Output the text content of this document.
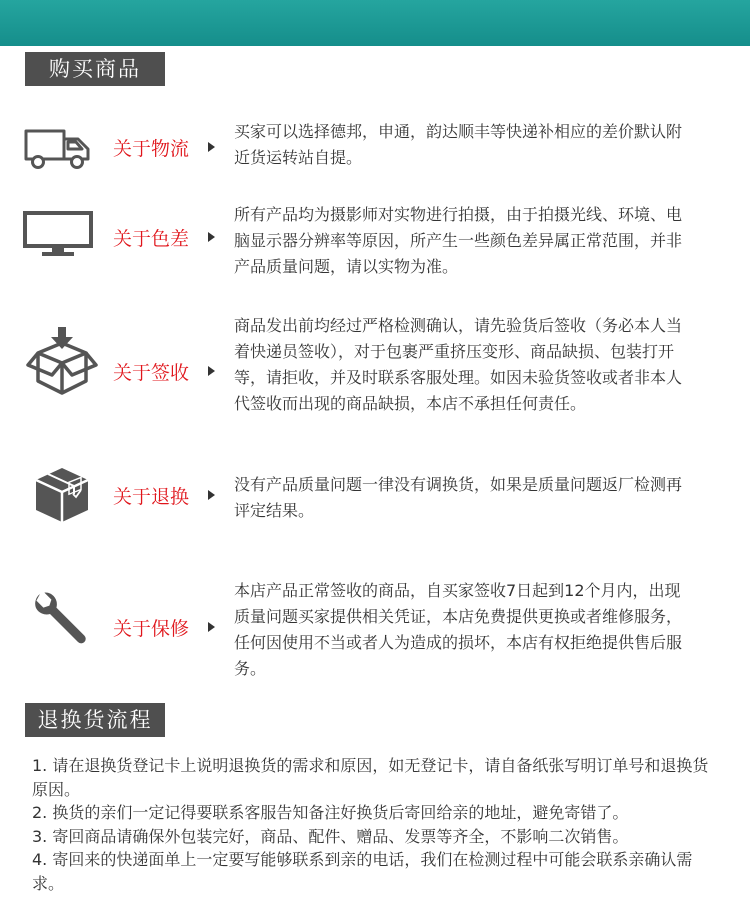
购买商品
关于物流
买家可以选择德邦，申通，韵达顺丰等快递补相应的差价默认附近货运转站自提。
关于色差
所有产品均为摄影师对实物进行拍摄，由于拍摄光线、环境、电脑显示器分辨率等原因，所产生一些颜色差异属正常范围，并非产品质量问题，请以实物为准。
关于签收
商品发出前均经过严格检测确认，请先验货后签收（务必本人当着快递员签收），对于包裹严重挤压变形、商品缺损、包装打开等，请拒收，并及时联系客服处理。如因未验货签收或者非本人代签收而出现的商品缺损，本店不承担任何责任。
关于退换
没有产品质量问题一律没有调换货，如果是质量问题返厂检测再评定结果。
关于保修
本店产品正常签收的商品，自买家签收7日起到12个月内，出现质量问题买家提供相关凭证，本店免费提供更换或者维修服务，任何因使用不当或者人为造成的损坏，本店有权拒绝提供售后服务。
退换货流程

1. 请在退换货登记卡上说明退换货的需求和原因，如无登记卡，请自备纸张写明订单号和退换货原因。

2. 换货的亲们一定记得要联系客服告知备注好换货后寄回给亲的地址，避免寄错了。

3. 寄回商品请确保外包装完好，商品、配件、赠品、发票等齐全，不影响二次销售。

4. 寄回来的快递面单上一定要写能够联系到亲的电话，我们在检测过程中可能会联系亲确认需求。
